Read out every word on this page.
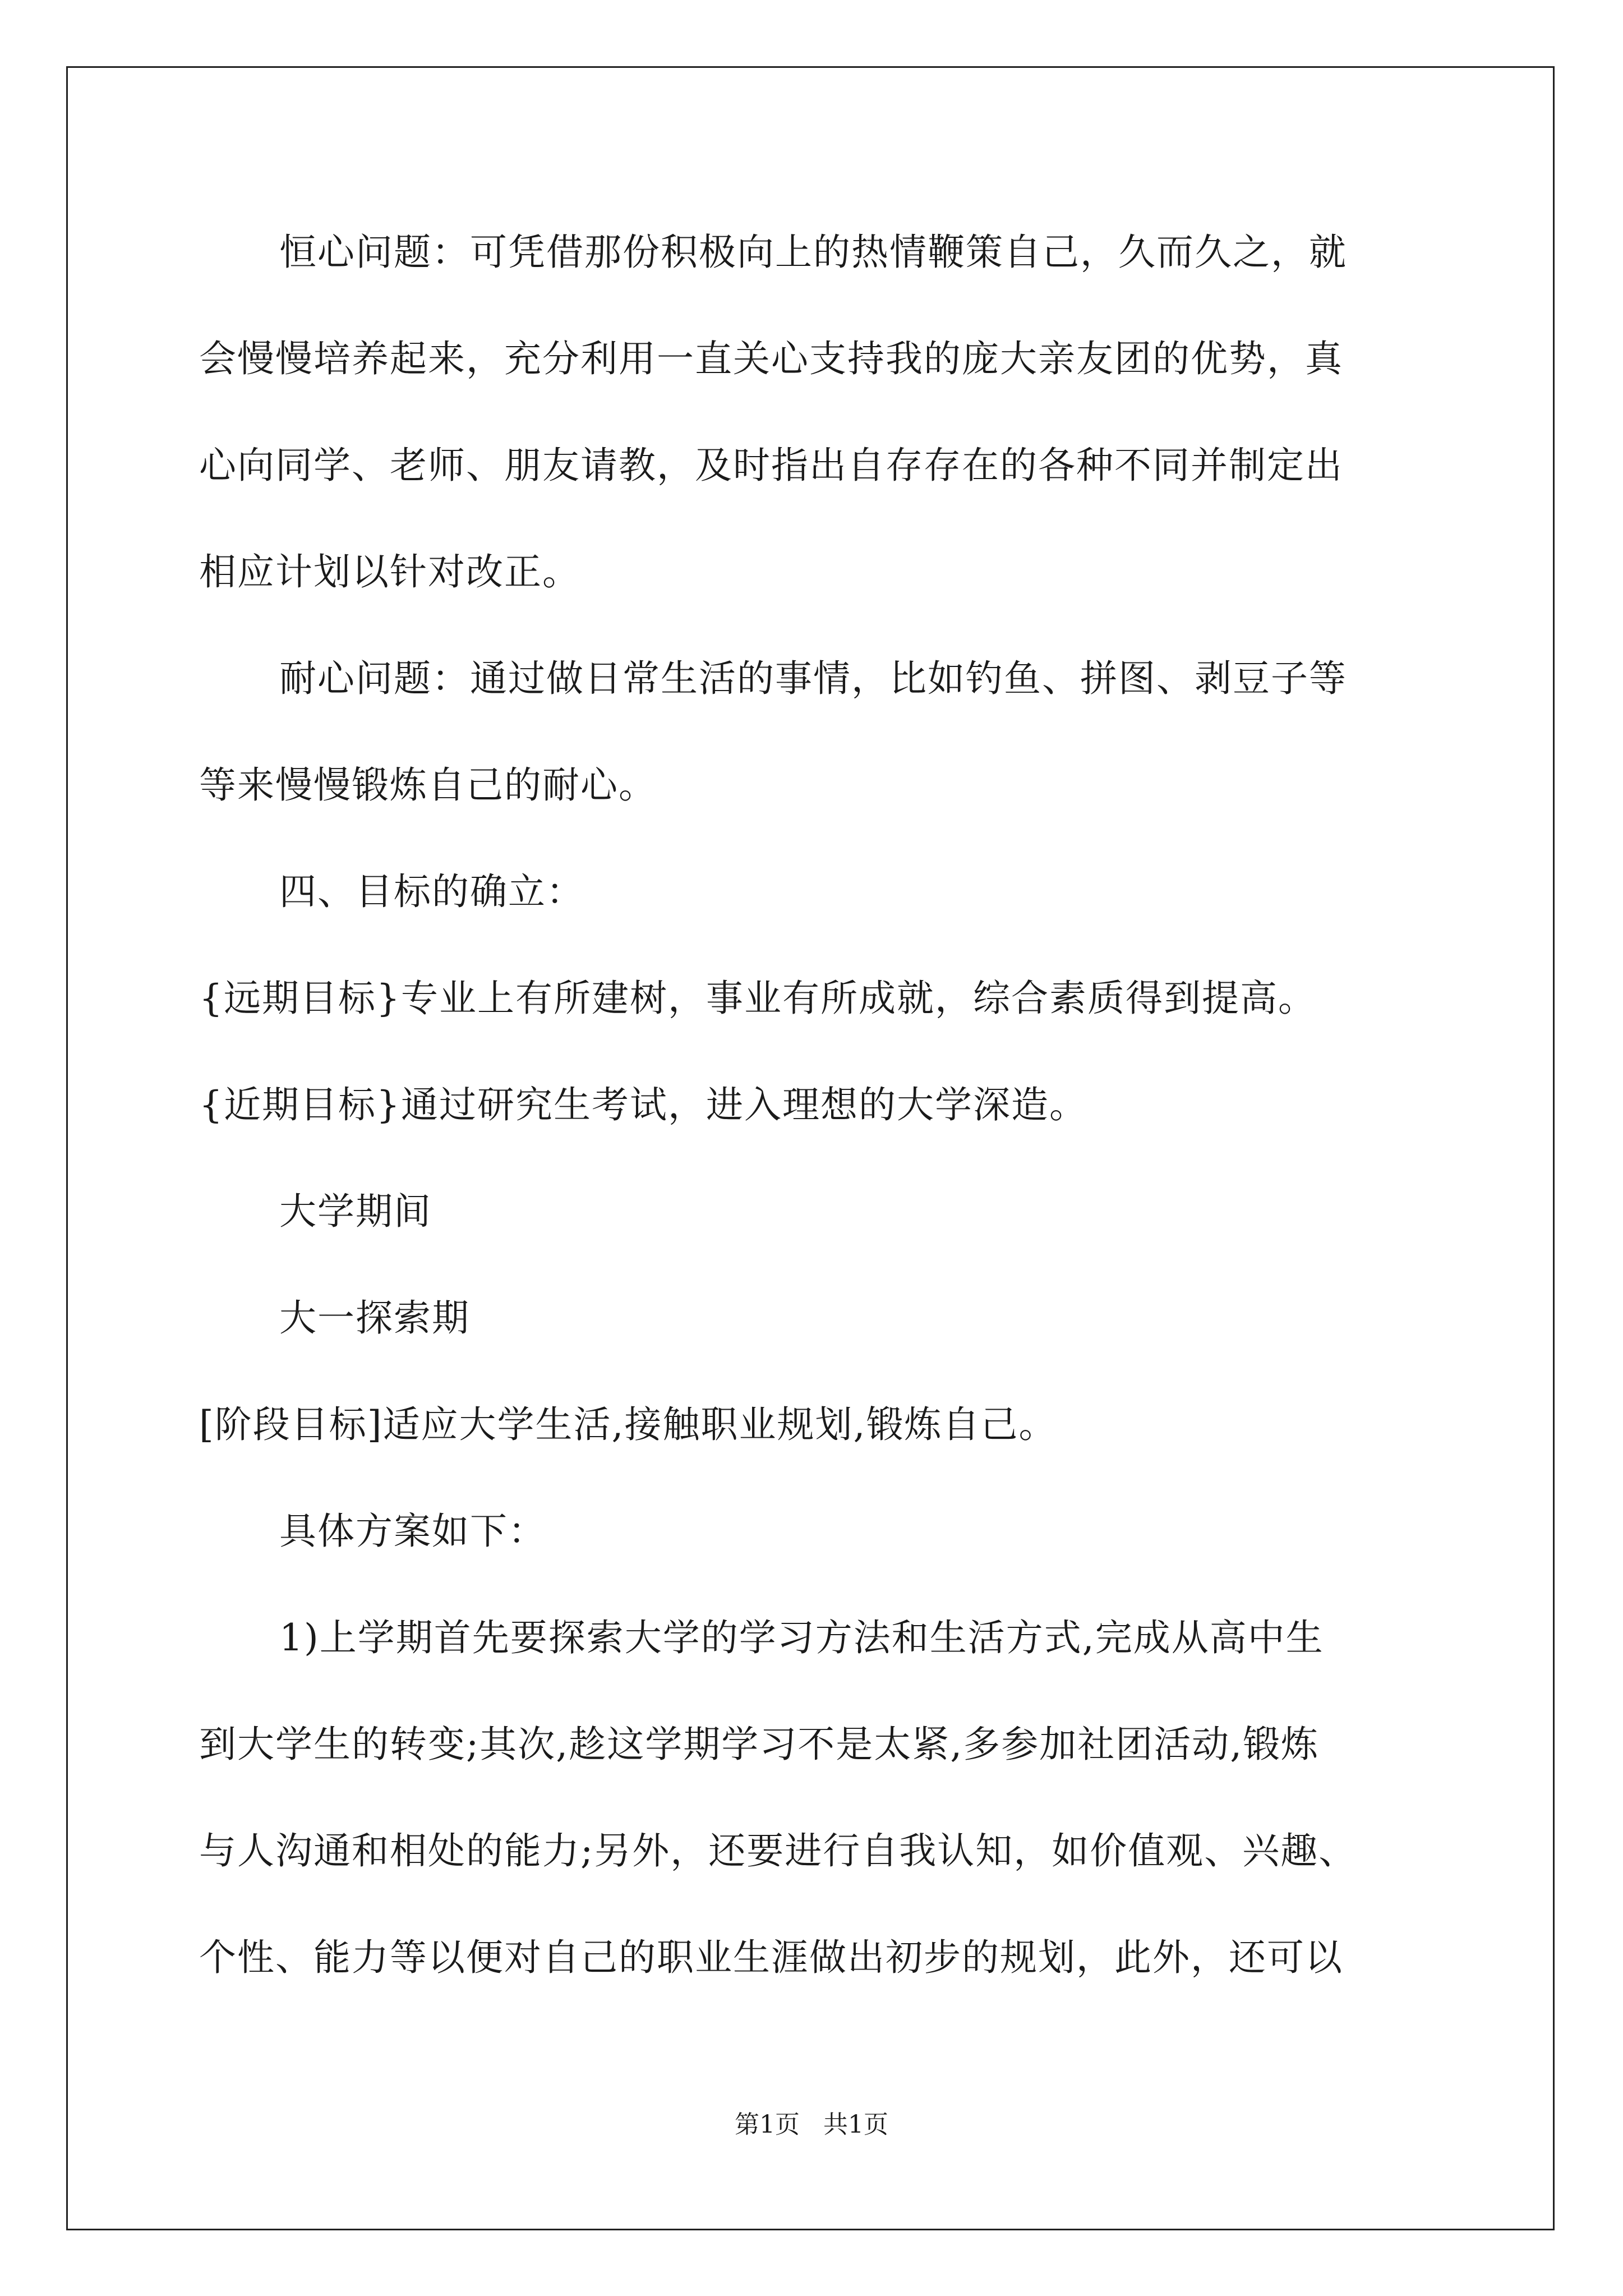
恒心问题：可凭借那份积极向上的热情鞭策自己，久而久之，就
会慢慢培养起来，充分利用一直关心支持我的庞大亲友团的优势，真
心向同学、老师、朋友请教，及时指出自存存在的各种不同并制定出
相应计划以针对改正。
耐心问题：通过做日常生活的事情，比如钓鱼、拼图、剥豆子等
等来慢慢锻炼自己的耐心。
四、目标的确立：
{远期目标}专业上有所建树，事业有所成就，综合素质得到提高。
{近期目标}通过研究生考试，进入理想的大学深造。
大学期间
大一探索期
[阶段目标]适应大学生活,接触职业规划,锻炼自己。
具体方案如下：
1)上学期首先要探索大学的学习方法和生活方式,完成从高中生
到大学生的转变;其次,趁这学期学习不是太紧,多参加社团活动,锻炼
与人沟通和相处的能力;另外，还要进行自我认知，如价值观、兴趣、
个性、能力等以便对自己的职业生涯做出初步的规划，此外，还可以
第1页   共1页
